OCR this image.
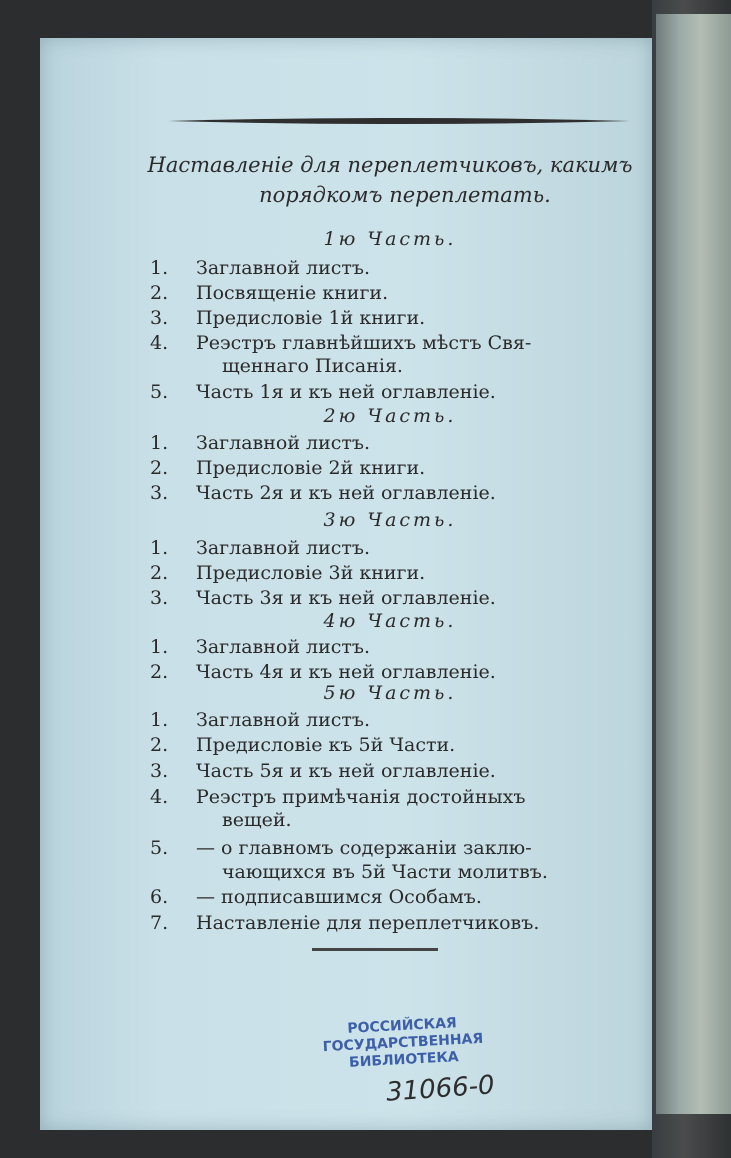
Наставленіе для переплетчиковъ, какимъ
порядкомъ переплетать.
1ю Часть.
1.	Заглавной листъ.
2.	Посвященіе книги.
3.	Предисловіе 1й книги.
4.	Реэстръ главнѣйшихъ мѣстъ Свя-
щеннаго Писанія.
5.	Часть 1я и къ ней оглавленіе.
2ю Часть.
1.	Заглавной листъ.
2.	Предисловіе 2й книги.
3.	Часть 2я и къ ней оглавленіе.
3ю Часть.
1.	Заглавной листъ.
2.	Предисловіе 3й книги.
3.	Часть 3я и къ ней оглавленіе.
4ю Часть.
1.	Заглавной листъ.
2.	Часть 4я и къ ней оглавленіе.
5ю Часть.
1.	Заглавной листъ.
2.	Предисловіе къ 5й Части.
3.	Часть 5я и къ ней оглавленіе.
4.	Реэстръ примѣчанія достойныхъ
вещей.
5.	— о главномъ содержаніи заклю-
чающихся въ 5й Части молитвъ.
6.	— подписавшимся Особамъ.
7.	Наставленіе для переплетчиковъ.
РОССИЙСКАЯ
ГОСУДАРСТВЕННАЯ
БИБЛИОТЕКА
31066-0
